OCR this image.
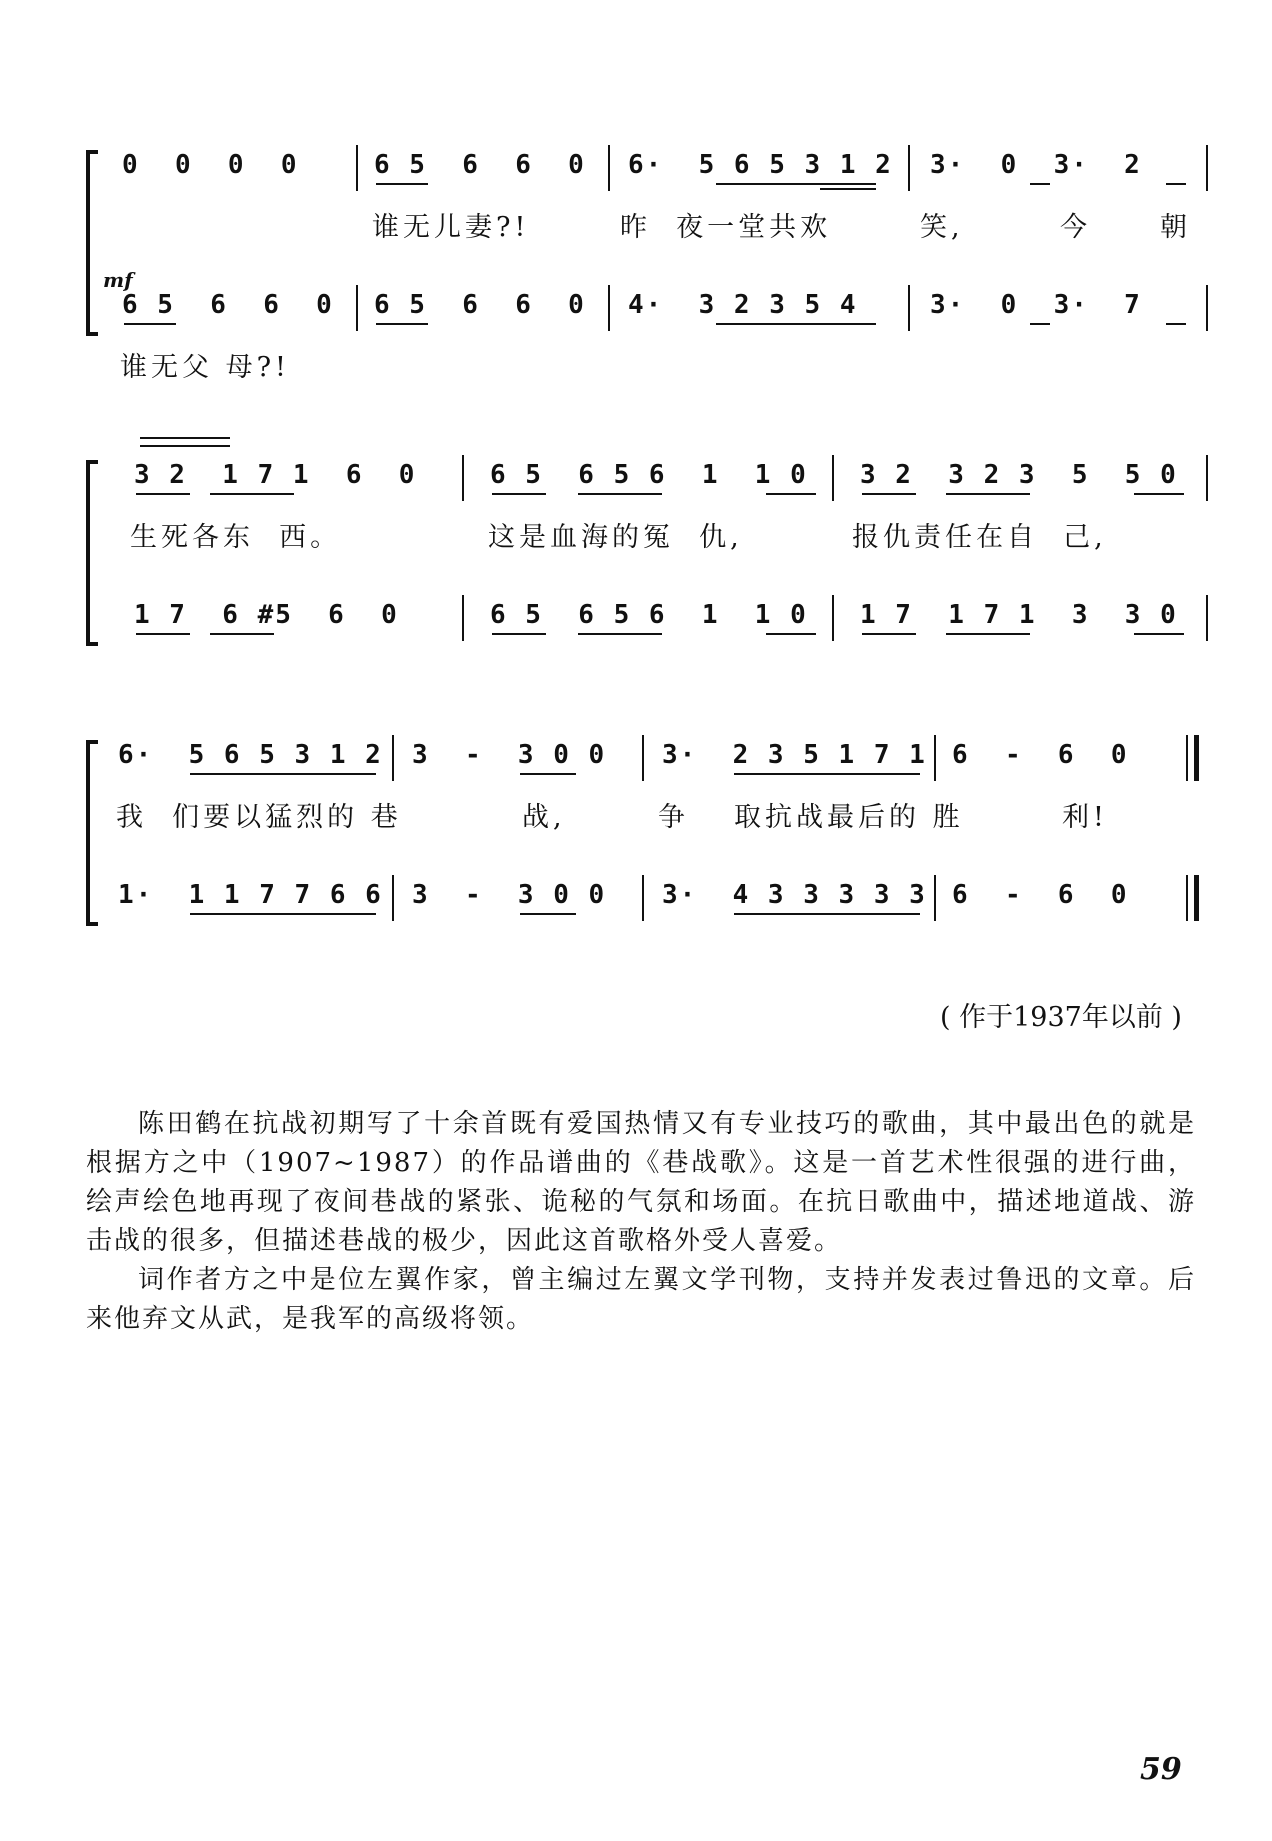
0  0  0  0	6 5  6  6  0 6·  5 6 5 3 1 2 3·  0  3·  2
谁无儿妻?!	昨  夜一堂共欢	笑,	今	朝
mf
6 5  6  6  0 6 5  6  6  0 4·  3 2 3 5 4	3·  0  3·  7
谁无父 母?!
3 2  1 7 1  6  0	6 5  6 5 6  1  1 0 3 2  3 2 3  5  5 0
生死各东  西。	这是血海的冤  仇,	报仇责任在自  己,
1 7  6 #5  6  0	6 5  6 5 6  1  1 0 1 7  1 7 1  3  3 0
6·  5 6 5 3 1 2 3  -  3 0 0 3·  2 3 5 1 7 1 6  -  6  0
我  们要以猛烈的 巷	战,	争 取抗战最后的 胜	利!
1·  1 1 7 7 6 6 3  -  3 0 0 3·  4 3 3 3 3 3 6  -  6  0
( 作于1937年以前 )

陈田鹤在抗战初期写了十余首既有爱国热情又有专业技巧的歌曲，其中最出色的就是根据方之中（1907~1987）的作品谱曲的《巷战歌》。这是一首艺术性很强的进行曲，绘声绘色地再现了夜间巷战的紧张、诡秘的气氛和场面。在抗日歌曲中，描述地道战、游击战的很多，但描述巷战的极少，因此这首歌格外受人喜爱。

词作者方之中是位左翼作家，曾主编过左翼文学刊物，支持并发表过鲁迅的文章。后来他弃文从武，是我军的高级将领。

59
